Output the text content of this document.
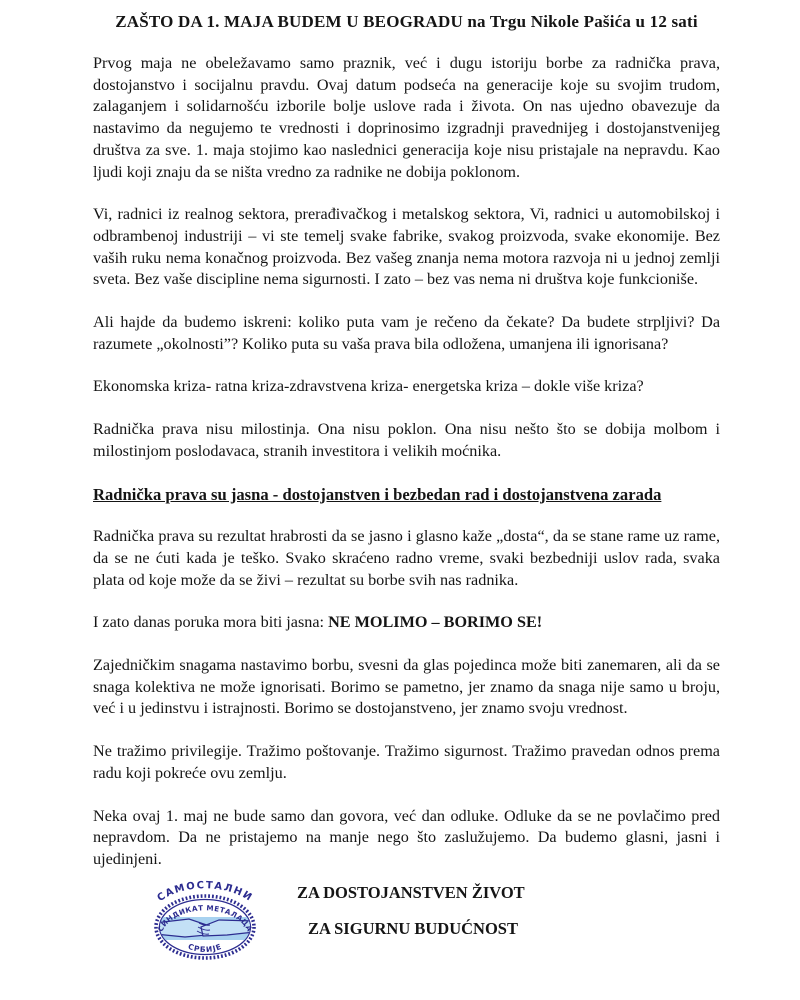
ZAŠTO DA 1. MAJA BUDEM U BEOGRADU na Trgu Nikole Pašića u 12 sati

Prvog maja ne obeležavamo samo praznik, već i dugu istoriju borbe za radnička prava, dostojanstvo i socijalnu pravdu. Ovaj datum podseća na generacije koje su svojim trudom, zalaganjem i solidarnošću izborile bolje uslove rada i života. On nas ujedno obavezuje da nastavimo da negujemo te vrednosti i doprinosimo izgradnji pravednijeg i dostojanstvenijeg društva za sve. 1. maja stojimo kao naslednici generacija koje nisu pristajale na nepravdu. Kao ljudi koji znaju da se ništa vredno za radnike ne dobija poklonom.

Vi, radnici iz realnog sektora, prerađivačkog i metalskog sektora, Vi, radnici u automobilskoj i odbrambenoj industriji – vi ste temelj svake fabrike, svakog proizvoda, svake ekonomije. Bez vaših ruku nema konačnog proizvoda. Bez vašeg znanja nema motora razvoja ni u jednoj zemlji sveta. Bez vaše discipline nema sigurnosti. I zato – bez vas nema ni društva koje funkcioniše.

Ali hajde da budemo iskreni: koliko puta vam je rečeno da čekate? Da budete strpljivi? Da razumete „okolnosti”? Koliko puta su vaša prava bila odložena, umanjena ili ignorisana?

Ekonomska kriza- ratna kriza-zdravstvena kriza- energetska kriza – dokle više kriza?

Radnička prava nisu milostinja. Ona nisu poklon. Ona nisu nešto što se dobija molbom i milostinjom poslodavaca, stranih investitora i velikih moćnika.

Radnička prava su jasna - dostojanstven i bezbedan rad i dostojanstvena zarada

Radnička prava su rezultat hrabrosti da se jasno i glasno kaže „dosta“, da se stane rame uz rame, da se ne ćuti kada je teško. Svako skraćeno radno vreme, svaki bezbedniji uslov rada, svaka plata od koje može da se živi – rezultat su borbe svih nas radnika.

I zato danas poruka mora biti jasna: NE MOLIMO – BORIMO SE!

Zajedničkim snagama nastavimo borbu, svesni da glas pojedinca može biti zanemaren, ali da se snaga kolektiva ne može ignorisati. Borimo se pametno, jer znamo da snaga nije samo u broju, već i u jedinstvu i istrajnosti. Borimo se dostojanstveno, jer znamo svoju vrednost.

Ne tražimo privilegije. Tražimo poštovanje. Tražimo sigurnost. Tražimo pravedan odnos prema radu koji pokreće ovu zemlju.

Neka ovaj 1. maj ne bude samo dan govora, već dan odluke. Odluke da se ne povlačimo pred nepravdom. Da ne pristajemo na manje nego što zaslužujemo. Da budemo glasni, jasni i ujedinjeni.

САМОСТАЛНИ
СИНДИКАТ МЕТАЛАЦА
СРБИЈЕ
ZA DOSTOJANSTVEN ŽIVOT
ZA SIGURNU BUDUĆNOST
